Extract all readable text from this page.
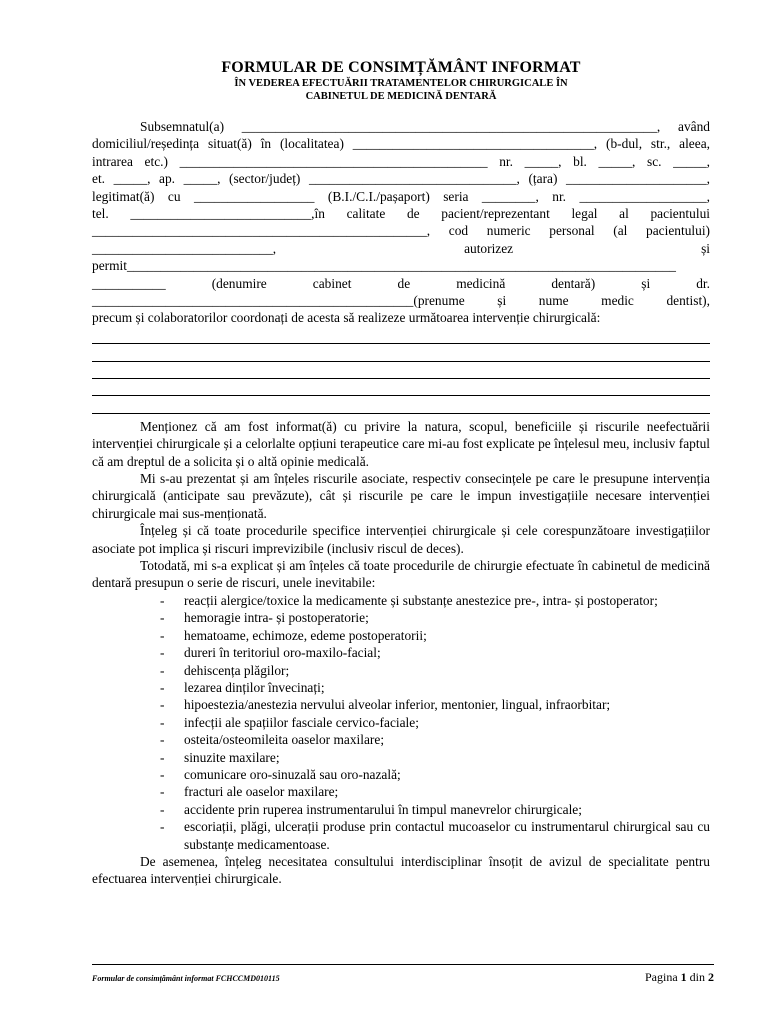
FORMULAR DE CONSIMȚĂMÂNT INFORMAT
ÎN VEDEREA EFECTUĂRII TRATAMENTELOR CHIRURGICALE ÎN
CABINETUL DE MEDICINĂ DENTARĂ

Subsemnatul(a) ______________________________________________________________, având

domiciliul/reședința situat(ă) în (localitatea) ____________________________________, (b-dul, str., aleea,

intrarea etc.) ______________________________________________ nr. _____, bl. _____, sc. _____,

et. _____, ap. _____, (sector/județ) _______________________________, (țara) _____________________,

legitimat(ă) cu __________________ (B.I./C.I./pașaport) seria ________, nr. ___________________,

tel. ___________________________,în calitate de pacient/reprezentant legal al pacientului

__________________________________________________, cod numeric personal (al pacientului)

___________________________, autorizez și

permit__________________________________________________________________________________

___________ (denumire cabinet de medicină dentară) și dr.

________________________________________________(prenume și nume medic dentist),

precum și colaboratorilor coordonați de acesta să realizeze următoarea intervenție chirurgicală:

Menționez că am fost informat(ă) cu privire la natura, scopul, beneficiile și riscurile neefectuării intervenției chirurgicale și a celorlalte opțiuni terapeutice care mi-au fost explicate pe înțelesul meu, inclusiv faptul că am dreptul de a solicita și o altă opinie medicală.

Mi s-au prezentat și am înțeles riscurile asociate, respectiv consecințele pe care le presupune intervenția chirurgicală (anticipate sau prevăzute), cât și riscurile pe care le impun investigațiile necesare intervenției chirurgicale mai sus-menționată.

Înțeleg și că toate procedurile specifice intervenției chirurgicale și cele corespunzătoare investigațiilor asociate pot implica și riscuri imprevizibile (inclusiv riscul de deces).

Totodată, mi s-a explicat și am înțeles că toate procedurile de chirurgie efectuate în cabinetul de medicină dentară presupun o serie de riscuri, unele inevitabile:

- reacții alergice/toxice la medicamente și substanțe anestezice pre-, intra- și postoperator;
- hemoragie intra- și postoperatorie;
- hematoame, echimoze, edeme postoperatorii;
- dureri în teritoriul oro-maxilo-facial;
- dehiscența plăgilor;
- lezarea dinților învecinați;
- hipoestezia/anestezia nervului alveolar inferior, mentonier, lingual, infraorbitar;
- infecții ale spațiilor fasciale cervico-faciale;
- osteita/osteomileita oaselor maxilare;
- sinuzite maxilare;
- comunicare oro-sinuzală sau oro-nazală;
- fracturi ale oaselor maxilare;
- accidente prin ruperea instrumentarului în timpul manevrelor chirurgicale;
- escoriații, plăgi, ulcerații produse prin contactul mucoaselor cu instrumentarul chirurgical sau cu substanțe medicamentoase.

De asemenea, înțeleg necesitatea consultului interdisciplinar însoțit de avizul de specialitate pentru efectuarea intervenției chirurgicale.

Formular de consimțământ informat FCHCCMD010115	Pagina 1 din 2
